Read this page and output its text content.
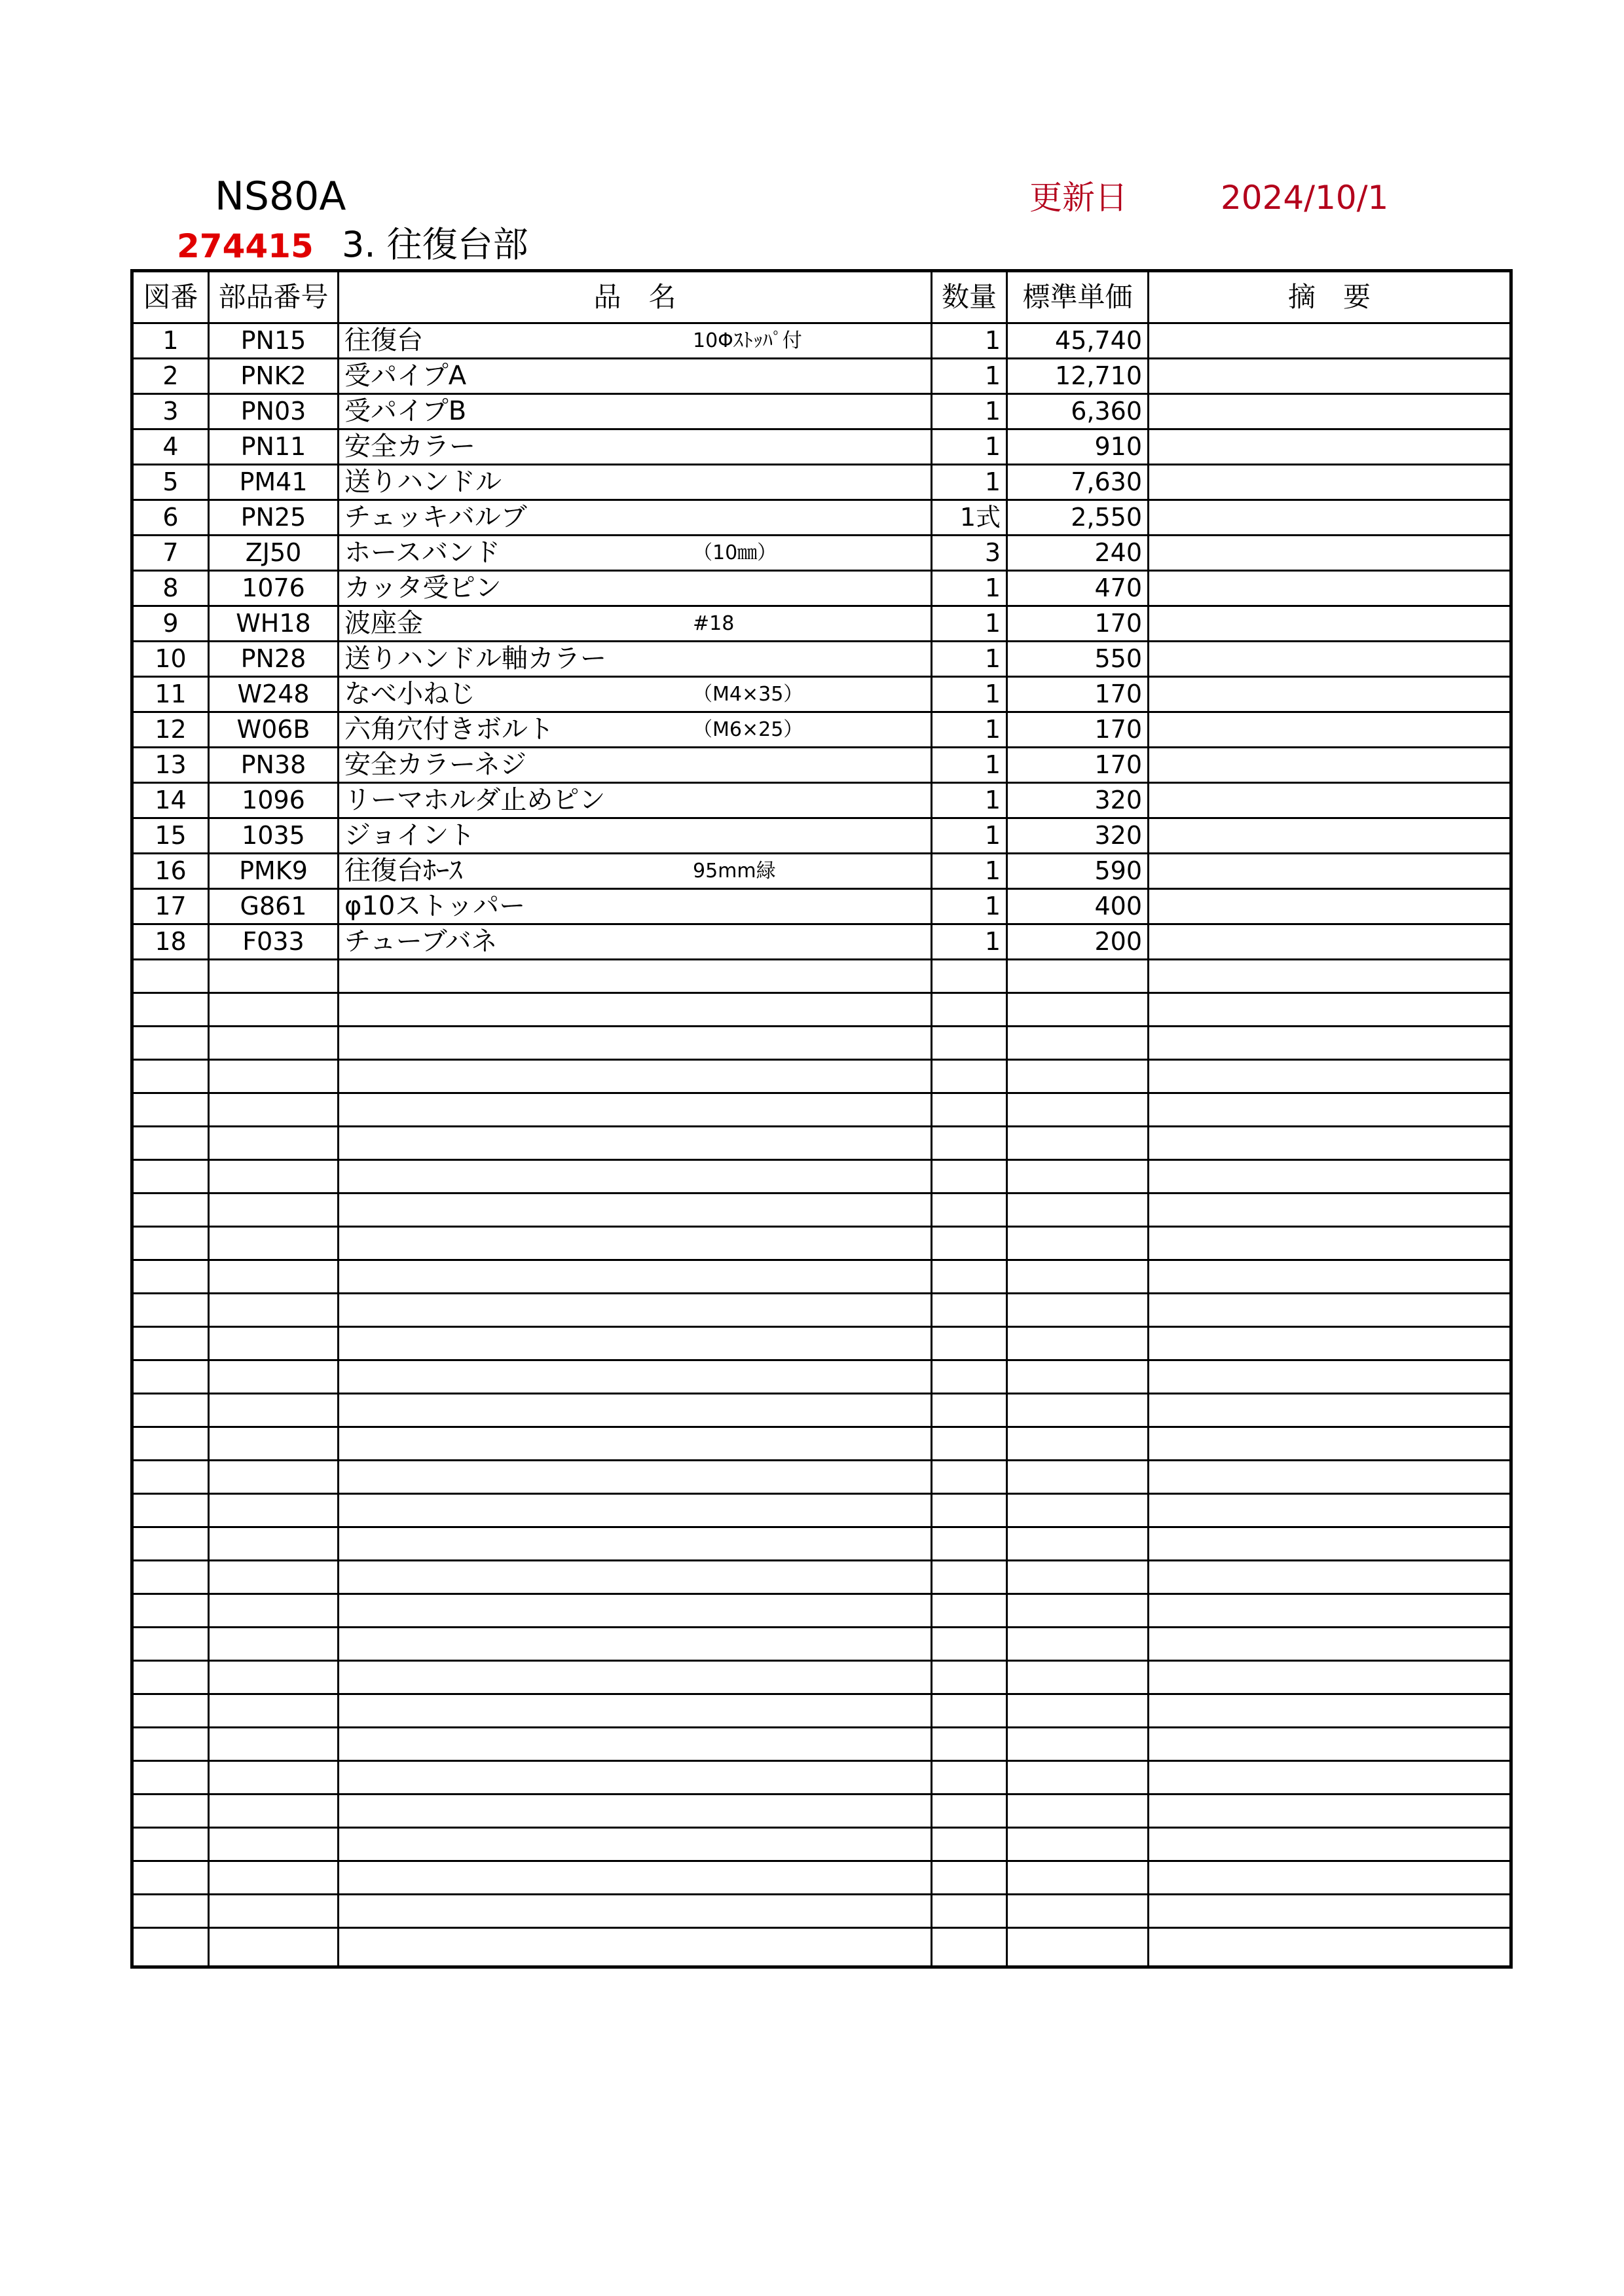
NS80A	更新日	2024/10/1
274415 3. 往復台部
図番	部品番号	品　名	数量	標準単価	摘　要
1	PN15	往復台 10Φｽﾄｯﾊﾟ付	1	45,740	
2	PNK2	受パイプA	1	12,710	
3	PN03	受パイプB	1	6,360	
4	PN11	安全カラー	1	910	
5	PM41	送りハンドル	1	7,630	
6	PN25	チェッキバルブ	1式	2,550	
7	ZJ50	ホースバンド （10㎜）	3	240	
8	1076	カッタ受ピン	1	470	
9	WH18	波座金 #18	1	170	
10	PN28	送りハンドル軸カラー	1	550	
11	W248	なべ小ねじ （M4×35）	1	170	
12	W06B	六角穴付きボルト （M6×25）	1	170	
13	PN38	安全カラーネジ	1	170	
14	1096	リーマホルダ止めピン	1	320	
15	1035	ジョイント	1	320	
16	PMK9	往復台ﾎｰｽ 95mm緑	1	590	
17	G861	φ10ストッパー	1	400	
18	F033	チューブバネ	1	200	
